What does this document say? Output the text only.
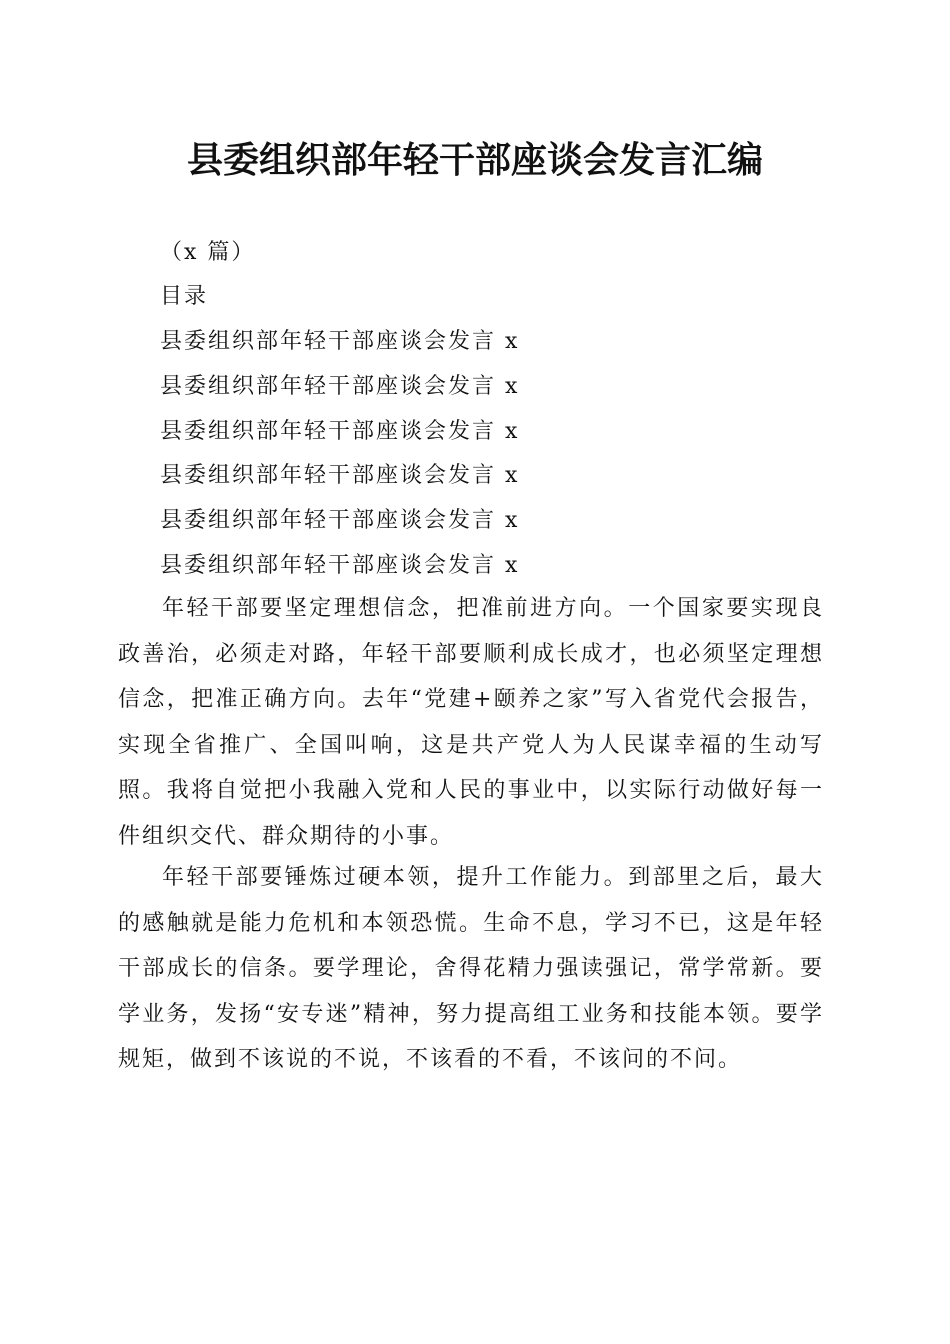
县委组织部年轻干部座谈会发言汇编
（x 篇）
目录
县委组织部年轻干部座谈会发言 x
县委组织部年轻干部座谈会发言 x
县委组织部年轻干部座谈会发言 x
县委组织部年轻干部座谈会发言 x
县委组织部年轻干部座谈会发言 x
县委组织部年轻干部座谈会发言 x

年轻干部要坚定理想信念，把准前进方向。一个国家要实现良政善治，必须走对路，年轻干部要顺利成长成才，也必须坚定理想信念，把准正确方向。去年“党建+颐养之家”写入省党代会报告，实现全省推广、全国叫响，这是共产党人为人民谋幸福的生动写照。我将自觉把小我融入党和人民的事业中，以实际行动做好每一件组织交代、群众期待的小事。

年轻干部要锤炼过硬本领，提升工作能力。到部里之后，最大的感触就是能力危机和本领恐慌。生命不息，学习不已，这是年轻干部成长的信条。要学理论，舍得花精力强读强记，常学常新。要学业务，发扬“安专迷”精神，努力提高组工业务和技能本领。要学规矩，做到不该说的不说，不该看的不看，不该问的不问。
